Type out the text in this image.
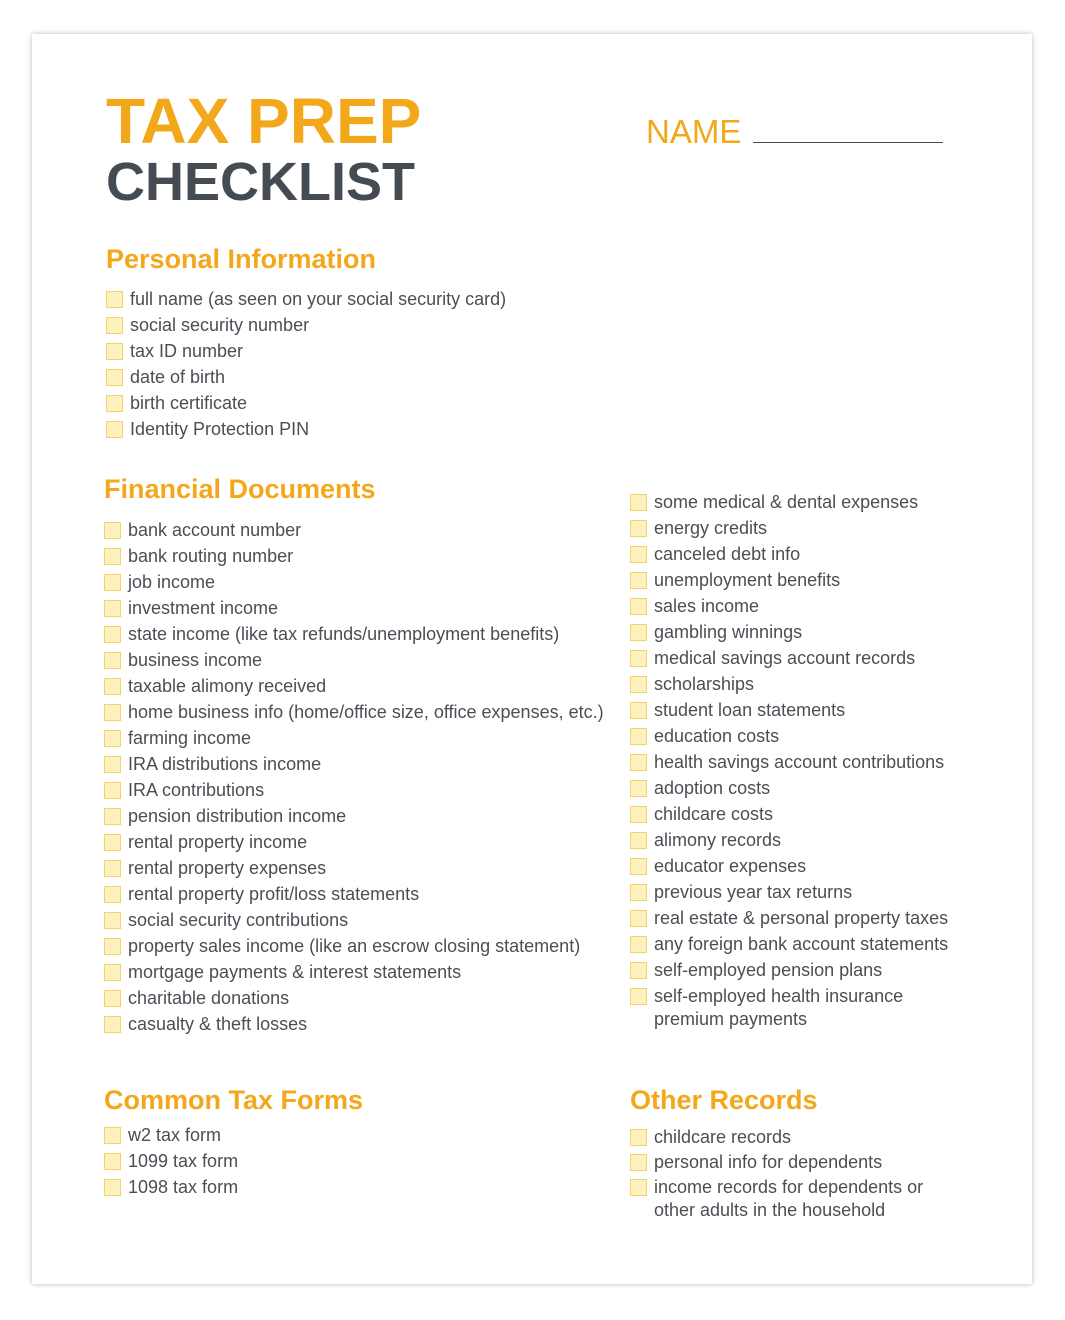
TAX PREP
CHECKLIST
NAME
Personal Information
full name (as seen on your social security card)
social security number
tax ID number
date of birth
birth certificate
Identity Protection PIN
Financial Documents
bank account number
bank routing number
job income
investment income
state income (like tax refunds/unemployment benefits)
business income
taxable alimony received
home business info (home/office size, office expenses, etc.)
farming income
IRA distributions income
IRA contributions
pension distribution income
rental property income
rental property expenses
rental property profit/loss statements
social security contributions
property sales income (like an escrow closing statement)
mortgage payments & interest statements
charitable donations
casualty & theft losses
some medical & dental expenses
energy credits
canceled debt info
unemployment benefits
sales income
gambling winnings
medical savings account records
scholarships
student loan statements
education costs
health savings account contributions
adoption costs
childcare costs
alimony records
educator expenses
previous year tax returns
real estate & personal property taxes
any foreign bank account statements
self-employed pension plans
self-employed health insurance premium payments
Common Tax Forms
w2 tax form
1099 tax form
1098 tax form
Other Records
childcare records
personal info for dependents
income records for dependents or other adults in the household
